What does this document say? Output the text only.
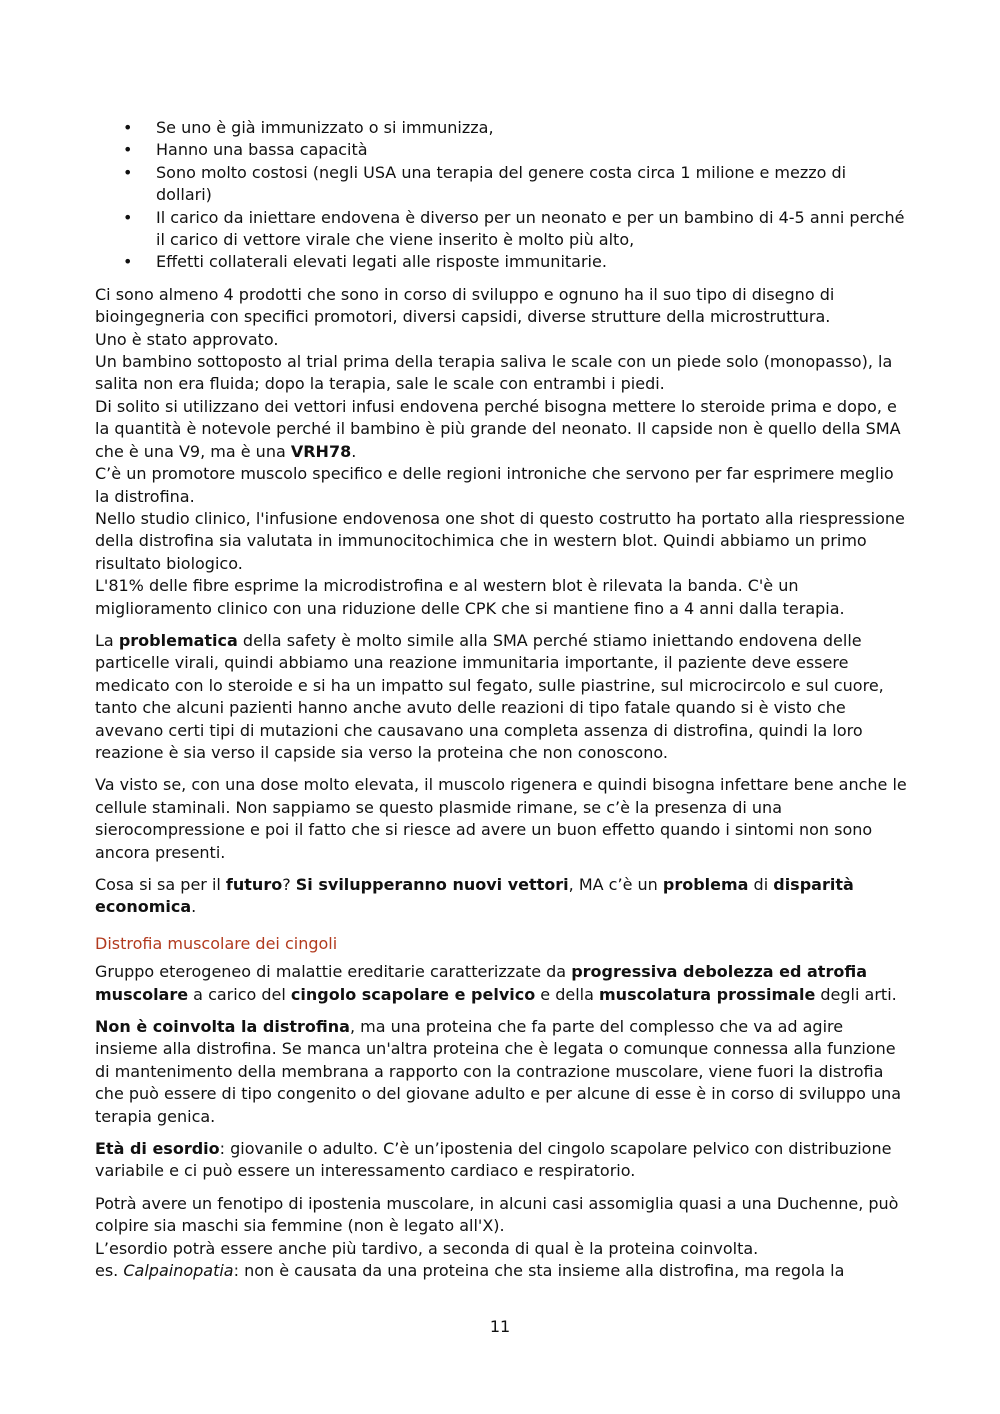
• Se uno è già immunizzato o si immunizza,
• Hanno una bassa capacità
• Sono molto costosi (negli USA una terapia del genere costa circa 1 milione e mezzo di dollari)
• Il carico da iniettare endovena è diverso per un neonato e per un bambino di 4-5 anni perché il carico di vettore virale che viene inserito è molto più alto,
• Effetti collaterali elevati legati alle risposte immunitarie.

Ci sono almeno 4 prodotti che sono in corso di sviluppo e ognuno ha il suo tipo di disegno di bioingegneria con specifici promotori, diversi capsidi, diverse strutture della microstruttura.
Uno è stato approvato.
Un bambino sottoposto al trial prima della terapia saliva le scale con un piede solo (monopasso), la salita non era fluida; dopo la terapia, sale le scale con entrambi i piedi.
Di solito si utilizzano dei vettori infusi endovena perché bisogna mettere lo steroide prima e dopo, e la quantità è notevole perché il bambino è più grande del neonato. Il capside non è quello della SMA che è una V9, ma è una VRH78.
C’è un promotore muscolo specifico e delle regioni introniche che servono per far esprimere meglio la distrofina.
Nello studio clinico, l'infusione endovenosa one shot di questo costrutto ha portato alla riespressione della distrofina sia valutata in immunocitochimica che in western blot. Quindi abbiamo un primo risultato biologico.
L'81% delle fibre esprime la microdistrofina e al western blot è rilevata la banda. C'è un miglioramento clinico con una riduzione delle CPK che si mantiene fino a 4 anni dalla terapia.

La problematica della safety è molto simile alla SMA perché stiamo iniettando endovena delle particelle virali, quindi abbiamo una reazione immunitaria importante, il paziente deve essere medicato con lo steroide e si ha un impatto sul fegato, sulle piastrine, sul microcircolo e sul cuore, tanto che alcuni pazienti hanno anche avuto delle reazioni di tipo fatale quando si è visto che avevano certi tipi di mutazioni che causavano una completa assenza di distrofina, quindi la loro reazione è sia verso il capside sia verso la proteina che non conoscono.

Va visto se, con una dose molto elevata, il muscolo rigenera e quindi bisogna infettare bene anche le cellule staminali. Non sappiamo se questo plasmide rimane, se c’è la presenza di una sierocompressione e poi il fatto che si riesce ad avere un buon effetto quando i sintomi non sono ancora presenti.

Cosa si sa per il futuro? Si svilupperanno nuovi vettori, MA c’è un problema di disparità economica.

Distrofia muscolare dei cingoli

Gruppo eterogeneo di malattie ereditarie caratterizzate da progressiva debolezza ed atrofia muscolare a carico del cingolo scapolare e pelvico e della muscolatura prossimale degli arti.

Non è coinvolta la distrofina, ma una proteina che fa parte del complesso che va ad agire insieme alla distrofina. Se manca un'altra proteina che è legata o comunque connessa alla funzione di mantenimento della membrana a rapporto con la contrazione muscolare, viene fuori la distrofia che può essere di tipo congenito o del giovane adulto e per alcune di esse è in corso di sviluppo una terapia genica.

Età di esordio: giovanile o adulto. C’è un’ipostenia del cingolo scapolare pelvico con distribuzione variabile e ci può essere un interessamento cardiaco e respiratorio.

Potrà avere un fenotipo di ipostenia muscolare, in alcuni casi assomiglia quasi a una Duchenne, può colpire sia maschi sia femmine (non è legato all'X).
L’esordio potrà essere anche più tardivo, a seconda di qual è la proteina coinvolta.
es. Calpainopatia: non è causata da una proteina che sta insieme alla distrofina, ma regola la

11
